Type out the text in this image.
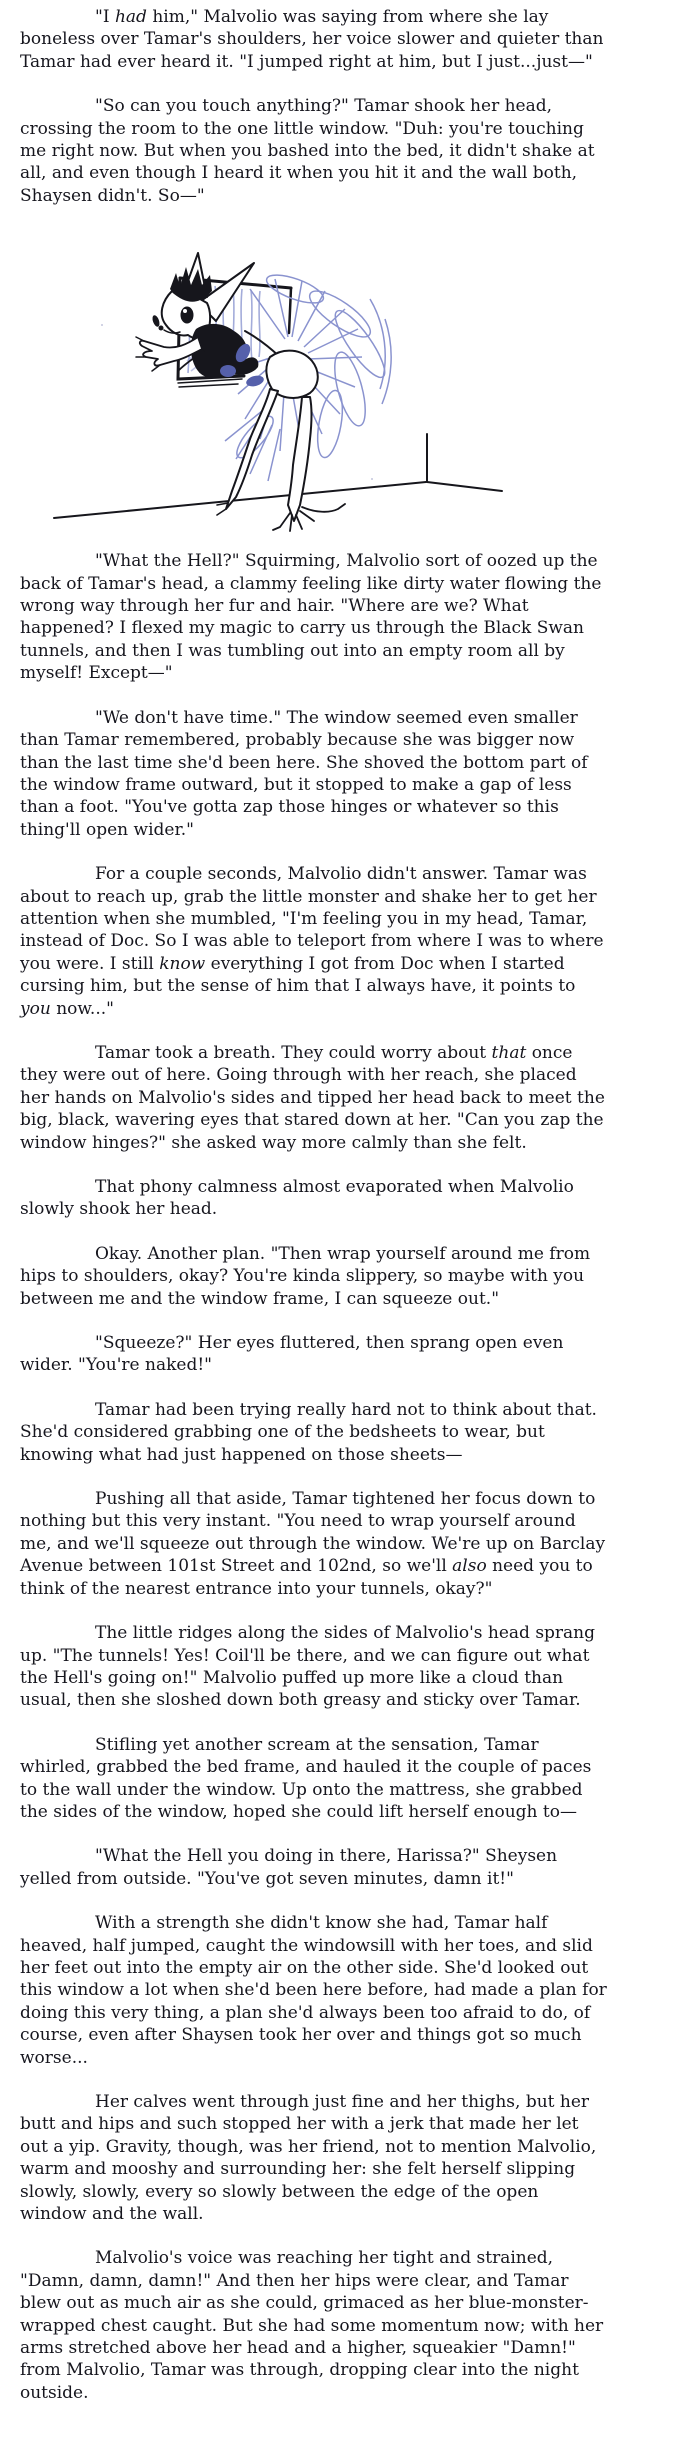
"I had him," Malvolio was saying from where she lay boneless over Tamar's shoulders, her voice slower and quieter than Tamar had ever heard it. "I jumped right at him, but I just...just—"

"So can you touch anything?" Tamar shook her head, crossing the room to the one little window. "Duh: you're touching me right now. But when you bashed into the bed, it didn't shake at all, and even though I heard it when you hit it and the wall both, Shaysen didn't. So—"

"What the Hell?" Squirming, Malvolio sort of oozed up the back of Tamar's head, a clammy feeling like dirty water flowing the wrong way through her fur and hair. "Where are we? What happened? I flexed my magic to carry us through the Black Swan tunnels, and then I was tumbling out into an empty room all by myself! Except—"

"We don't have time." The window seemed even smaller than Tamar remembered, probably because she was bigger now than the last time she'd been here. She shoved the bottom part of the window frame outward, but it stopped to make a gap of less than a foot. "You've gotta zap those hinges or whatever so this thing'll open wider."

For a couple seconds, Malvolio didn't answer. Tamar was about to reach up, grab the little monster and shake her to get her attention when she mumbled, "I'm feeling you in my head, Tamar, instead of Doc. So I was able to teleport from where I was to where you were. I still know everything I got from Doc when I started cursing him, but the sense of him that I always have, it points to you now..."

Tamar took a breath. They could worry about that once they were out of here. Going through with her reach, she placed her hands on Malvolio's sides and tipped her head back to meet the big, black, wavering eyes that stared down at her. "Can you zap the window hinges?" she asked way more calmly than she felt.

That phony calmness almost evaporated when Malvolio slowly shook her head.

Okay. Another plan. "Then wrap yourself around me from hips to shoulders, okay? You're kinda slippery, so maybe with you between me and the window frame, I can squeeze out."

"Squeeze?" Her eyes fluttered, then sprang open even wider. "You're naked!"

Tamar had been trying really hard not to think about that. She'd considered grabbing one of the bedsheets to wear, but knowing what had just happened on those sheets—

Pushing all that aside, Tamar tightened her focus down to nothing but this very instant. "You need to wrap yourself around me, and we'll squeeze out through the window. We're up on Barclay Avenue between 101st Street and 102nd, so we'll also need you to think of the nearest entrance into your tunnels, okay?"

The little ridges along the sides of Malvolio's head sprang up. "The tunnels! Yes! Coil'll be there, and we can figure out what the Hell's going on!" Malvolio puffed up more like a cloud than usual, then she sloshed down both greasy and sticky over Tamar.

Stifling yet another scream at the sensation, Tamar whirled, grabbed the bed frame, and hauled it the couple of paces to the wall under the window. Up onto the mattress, she grabbed the sides of the window, hoped she could lift herself enough to—

"What the Hell you doing in there, Harissa?" Sheysen yelled from outside. "You've got seven minutes, damn it!"

With a strength she didn't know she had, Tamar half heaved, half jumped, caught the windowsill with her toes, and slid her feet out into the empty air on the other side. She'd looked out this window a lot when she'd been here before, had made a plan for doing this very thing, a plan she'd always been too afraid to do, of course, even after Shaysen took her over and things got so much worse...

Her calves went through just fine and her thighs, but her butt and hips and such stopped her with a jerk that made her let out a yip. Gravity, though, was her friend, not to mention Malvolio, warm and mooshy and surrounding her: she felt herself slipping slowly, slowly, every so slowly between the edge of the open window and the wall.

Malvolio's voice was reaching her tight and strained, "Damn, damn, damn!" And then her hips were clear, and Tamar blew out as much air as she could, grimaced as her blue-monster-wrapped chest caught. But she had some momentum now; with her arms stretched above her head and a higher, squeakier "Damn!" from Malvolio, Tamar was through, dropping clear into the night outside.
